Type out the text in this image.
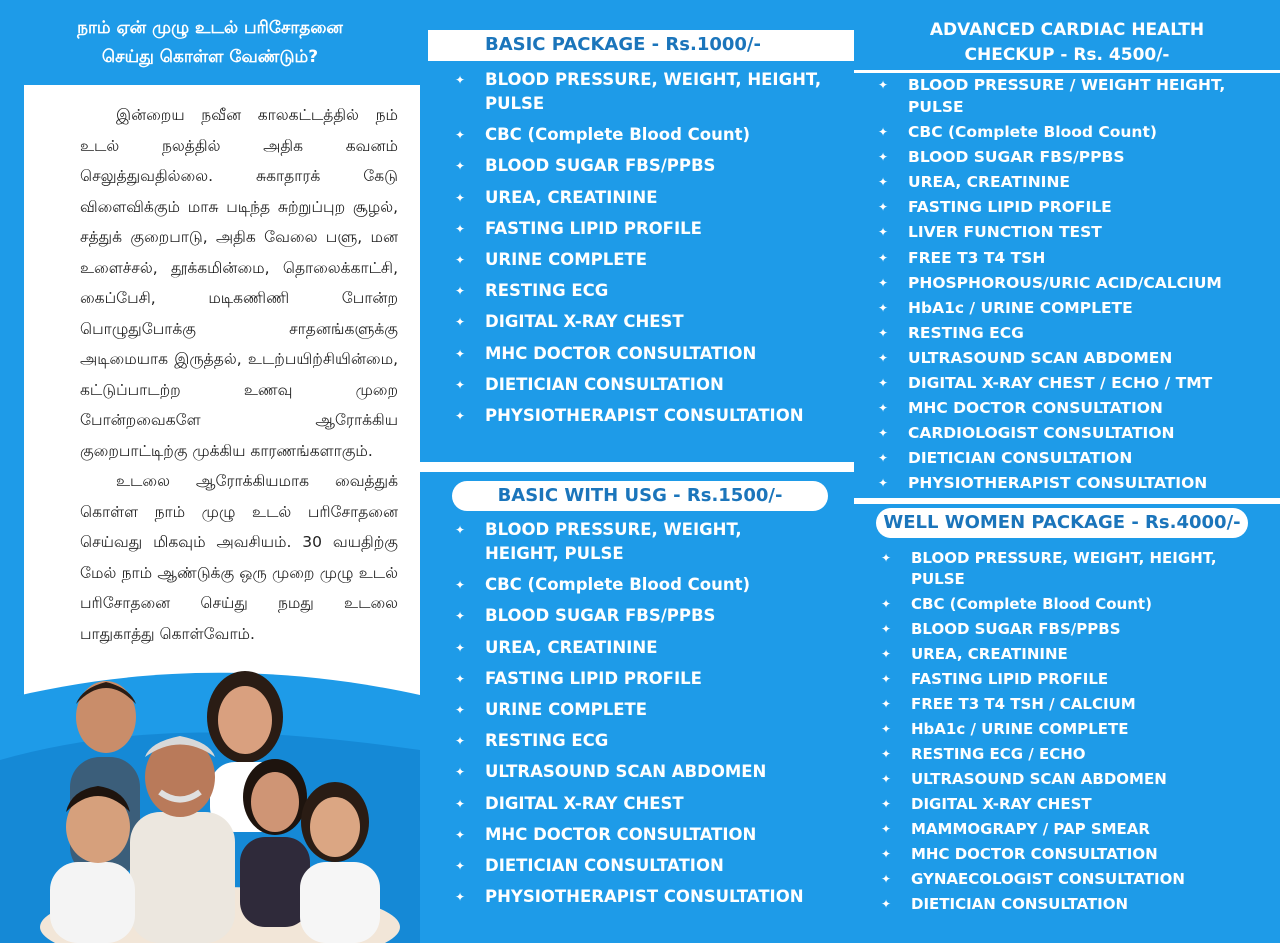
நாம் ஏன் முழு உடல் பரிசோதனை
செய்து கொள்ள வேண்டும்?

இன்றைய நவீன காலகட்டத்தில் நம் உடல் நலத்தில் அதிக கவனம் செலுத்துவதில்லை. சுகாதாரக் கேடு விளைவிக்கும் மாசு படிந்த சுற்றுப்புற சூழல், சத்துக் குறைபாடு, அதிக வேலை பளு, மன உளைச்சல், தூக்கமின்மை, தொலைக்காட்சி, கைப்பேசி, மடிகணிணி போன்ற பொழுதுபோக்கு சாதனங்களுக்கு அடிமையாக இருத்தல், உடற்பயிற்சியின்மை, கட்டுப்பாடற்ற உணவு முறை போன்றவைகளே ஆரோக்கிய குறைபாட்டிற்கு முக்கிய காரணங்களாகும்.

உடலை ஆரோக்கியமாக வைத்துக் கொள்ள நாம் முழு உடல் பரிசோதனை செய்வது மிகவும் அவசியம். 30 வயதிற்கு மேல் நாம் ஆண்டுக்கு ஒரு முறை முழு உடல் பரிசோதனை செய்து நமது உடலை பாதுகாத்து கொள்வோம்.

BASIC PACKAGE - Rs.1000/-
✦ BLOOD PRESSURE, WEIGHT, HEIGHT,
PULSE
✦ CBC (Complete Blood Count)
✦ BLOOD SUGAR FBS/PPBS
✦ UREA, CREATININE
✦ FASTING LIPID PROFILE
✦ URINE COMPLETE
✦ RESTING ECG
✦ DIGITAL X-RAY CHEST
✦ MHC DOCTOR CONSULTATION
✦ DIETICIAN CONSULTATION
✦ PHYSIOTHERAPIST CONSULTATION
BASIC WITH USG - Rs.1500/-
✦ BLOOD PRESSURE, WEIGHT,
HEIGHT, PULSE
✦ CBC (Complete Blood Count)
✦ BLOOD SUGAR FBS/PPBS
✦ UREA, CREATININE
✦ FASTING LIPID PROFILE
✦ URINE COMPLETE
✦ RESTING ECG
✦ ULTRASOUND SCAN ABDOMEN
✦ DIGITAL X-RAY CHEST
✦ MHC DOCTOR CONSULTATION
✦ DIETICIAN CONSULTATION
✦ PHYSIOTHERAPIST CONSULTATION
ADVANCED CARDIAC HEALTH
CHECKUP - Rs. 4500/-
✦ BLOOD PRESSURE / WEIGHT HEIGHT,
PULSE
✦ CBC (Complete Blood Count)
✦ BLOOD SUGAR FBS/PPBS
✦ UREA, CREATININE
✦ FASTING LIPID PROFILE
✦ LIVER FUNCTION TEST
✦ FREE T3 T4 TSH
✦ PHOSPHOROUS/URIC ACID/CALCIUM
✦ HbA1c / URINE COMPLETE
✦ RESTING ECG
✦ ULTRASOUND SCAN ABDOMEN
✦ DIGITAL X-RAY CHEST / ECHO / TMT
✦ MHC DOCTOR CONSULTATION
✦ CARDIOLOGIST CONSULTATION
✦ DIETICIAN CONSULTATION
✦ PHYSIOTHERAPIST CONSULTATION
WELL WOMEN PACKAGE - Rs.4000/-
✦ BLOOD PRESSURE, WEIGHT, HEIGHT,
PULSE
✦ CBC (Complete Blood Count)
✦ BLOOD SUGAR FBS/PPBS
✦ UREA, CREATININE
✦ FASTING LIPID PROFILE
✦ FREE T3 T4 TSH / CALCIUM
✦ HbA1c / URINE COMPLETE
✦ RESTING ECG / ECHO
✦ ULTRASOUND SCAN ABDOMEN
✦ DIGITAL X-RAY CHEST
✦ MAMMOGRAPY / PAP SMEAR
✦ MHC DOCTOR CONSULTATION
✦ GYNAECOLOGIST CONSULTATION
✦ DIETICIAN CONSULTATION
